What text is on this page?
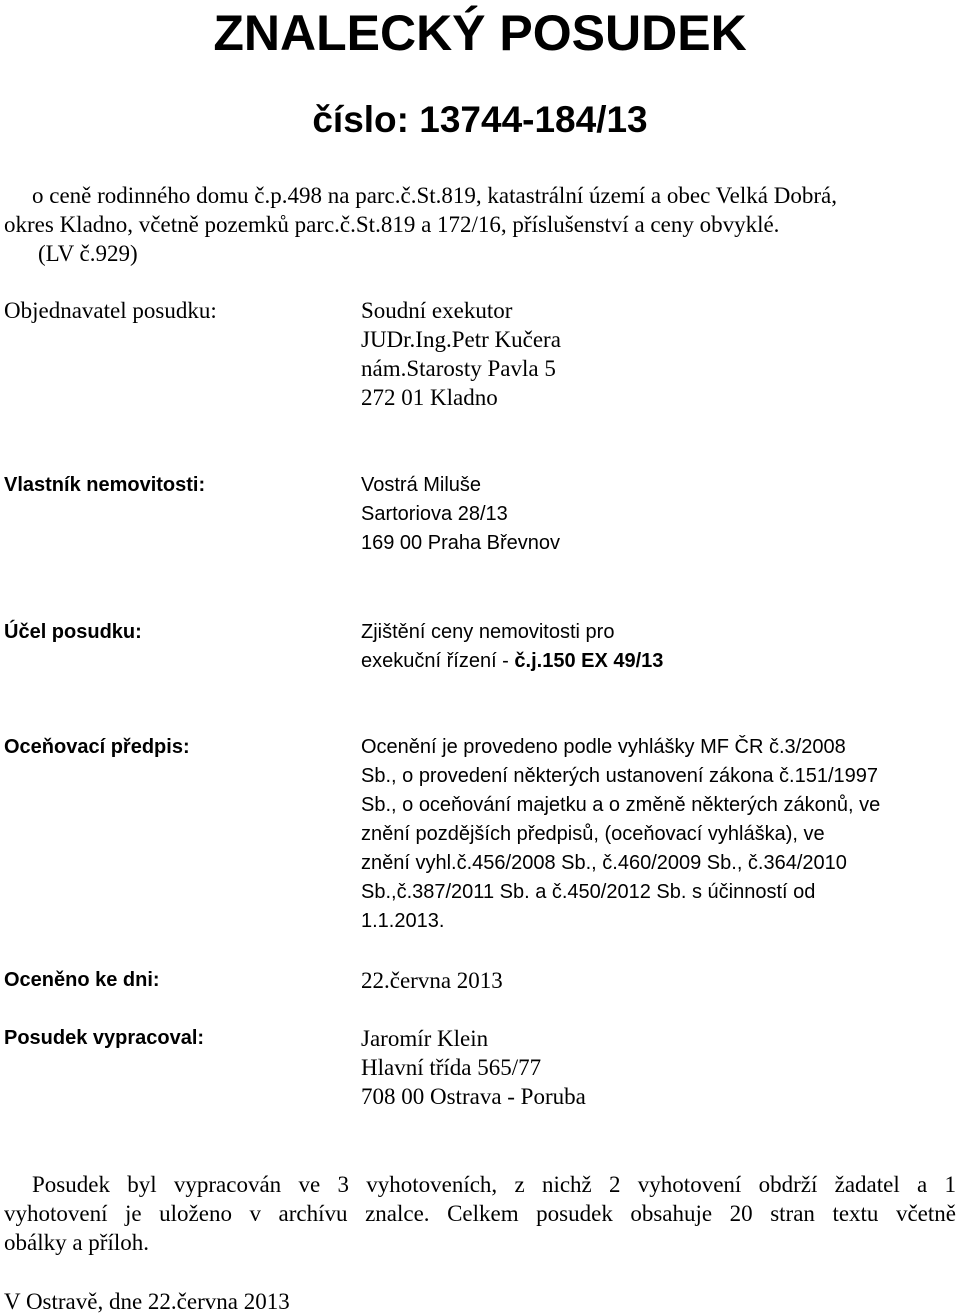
ZNALECKÝ POSUDEK
číslo: 13744-184/13
o ceně rodinného domu č.p.498 na parc.č.St.819, katastrální území a obec Velká Dobrá,
okres Kladno, včetně pozemků parc.č.St.819 a 172/16, příslušenství a ceny obvyklé.
(LV č.929)
Objednavatel posudku:	Soudní exekutor
JUDr.Ing.Petr Kučera
nám.Starosty Pavla 5
272 01 Kladno
Vlastník nemovitosti:	Vostrá Miluše
Sartoriova 28/13
169 00 Praha Břevnov
Účel posudku:	Zjištění ceny nemovitosti pro
exekuční řízení - č.j.150 EX 49/13
Oceňovací předpis:	Ocenění je provedeno podle vyhlášky MF ČR č.3/2008
Sb., o provedení některých ustanovení zákona č.151/1997
Sb., o oceňování majetku a o změně některých zákonů, ve
znění pozdějších předpisů, (oceňovací vyhláška), ve
znění vyhl.č.456/2008 Sb., č.460/2009 Sb., č.364/2010
Sb.,č.387/2011 Sb. a č.450/2012 Sb. s účinností od
1.1.2013.
Oceněno ke dni:	22.června 2013
Posudek vypracoval:	Jaromír Klein
Hlavní třída 565/77
708 00 Ostrava - Poruba
Posudek byl vypracován ve 3 vyhotoveních, z nichž 2 vyhotovení obdrží žadatel a 1
vyhotovení je uloženo v archívu znalce. Celkem posudek obsahuje 20 stran textu včetně
obálky a příloh.
V Ostravě, dne 22.června 2013
